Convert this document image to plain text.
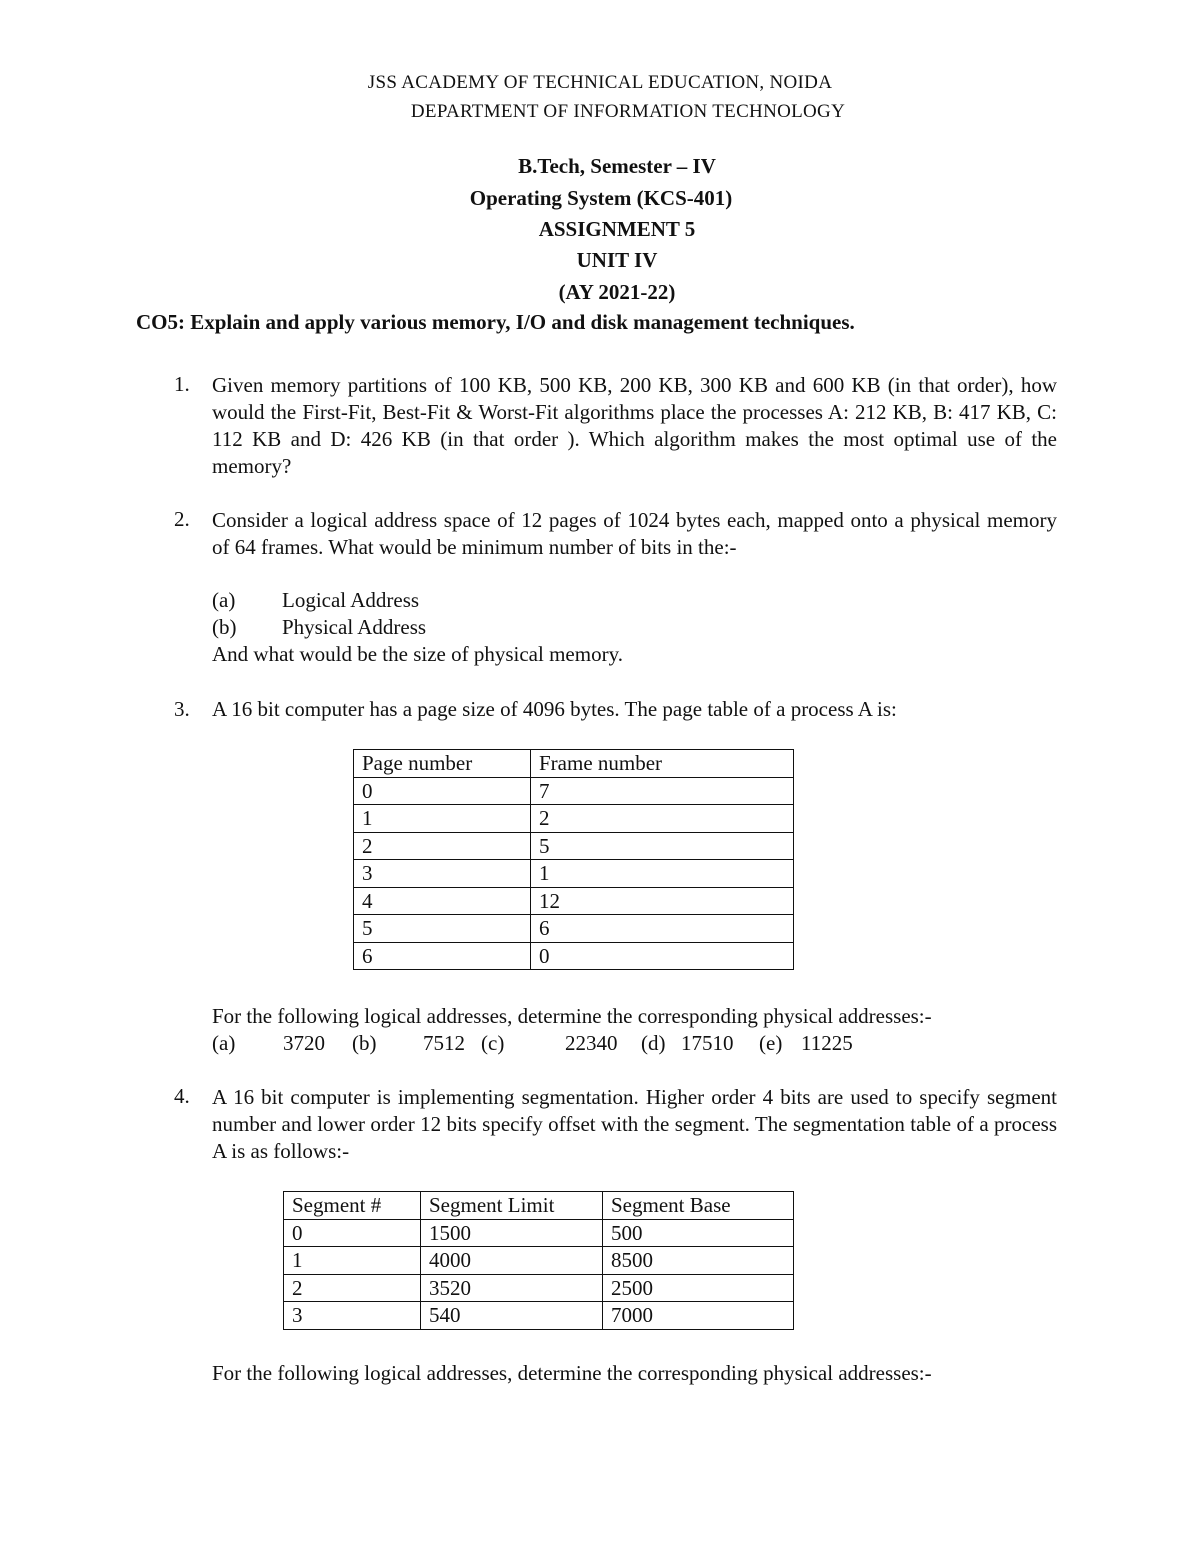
JSS ACADEMY OF TECHNICAL EDUCATION, NOIDA
DEPARTMENT OF INFORMATION TECHNOLOGY
B.Tech, Semester – IV
Operating System (KCS-401)
ASSIGNMENT 5
UNIT IV
(AY 2021-22)
CO5: Explain and apply various memory, I/O and disk management techniques.
1. Given memory partitions of 100 KB, 500 KB, 200 KB, 300 KB and 600 KB (in that order), how would the First-Fit, Best-Fit & Worst-Fit algorithms place the processes A: 212 KB, B: 417 KB, C: 112 KB and D: 426 KB (in that order ). Which algorithm makes the most optimal use of the memory?
2. Consider a logical address space of 12 pages of 1024 bytes each, mapped onto a physical memory of 64 frames. What would be minimum number of bits in the:-
(a) Logical Address
(b) Physical Address
And what would be the size of physical memory.
3. A 16 bit computer has a page size of 4096 bytes. The page table of a process A is:
Page number	Frame number
0	7
1	2
2	5
3	1
4	12
5	6
6	0
For the following logical addresses, determine the corresponding physical addresses:-
(a) 3720 (b) 7512 (c)	22340 (d) 17510 (e) 11225
4. A 16 bit computer is implementing segmentation. Higher order 4 bits are used to specify segment number and lower order 12 bits specify offset with the segment. The segmentation table of a process A is as follows:-
Segment #	Segment Limit	Segment Base
0	1500	500
1	4000	8500
2	3520	2500
3	540	7000
For the following logical addresses, determine the corresponding physical addresses:-
